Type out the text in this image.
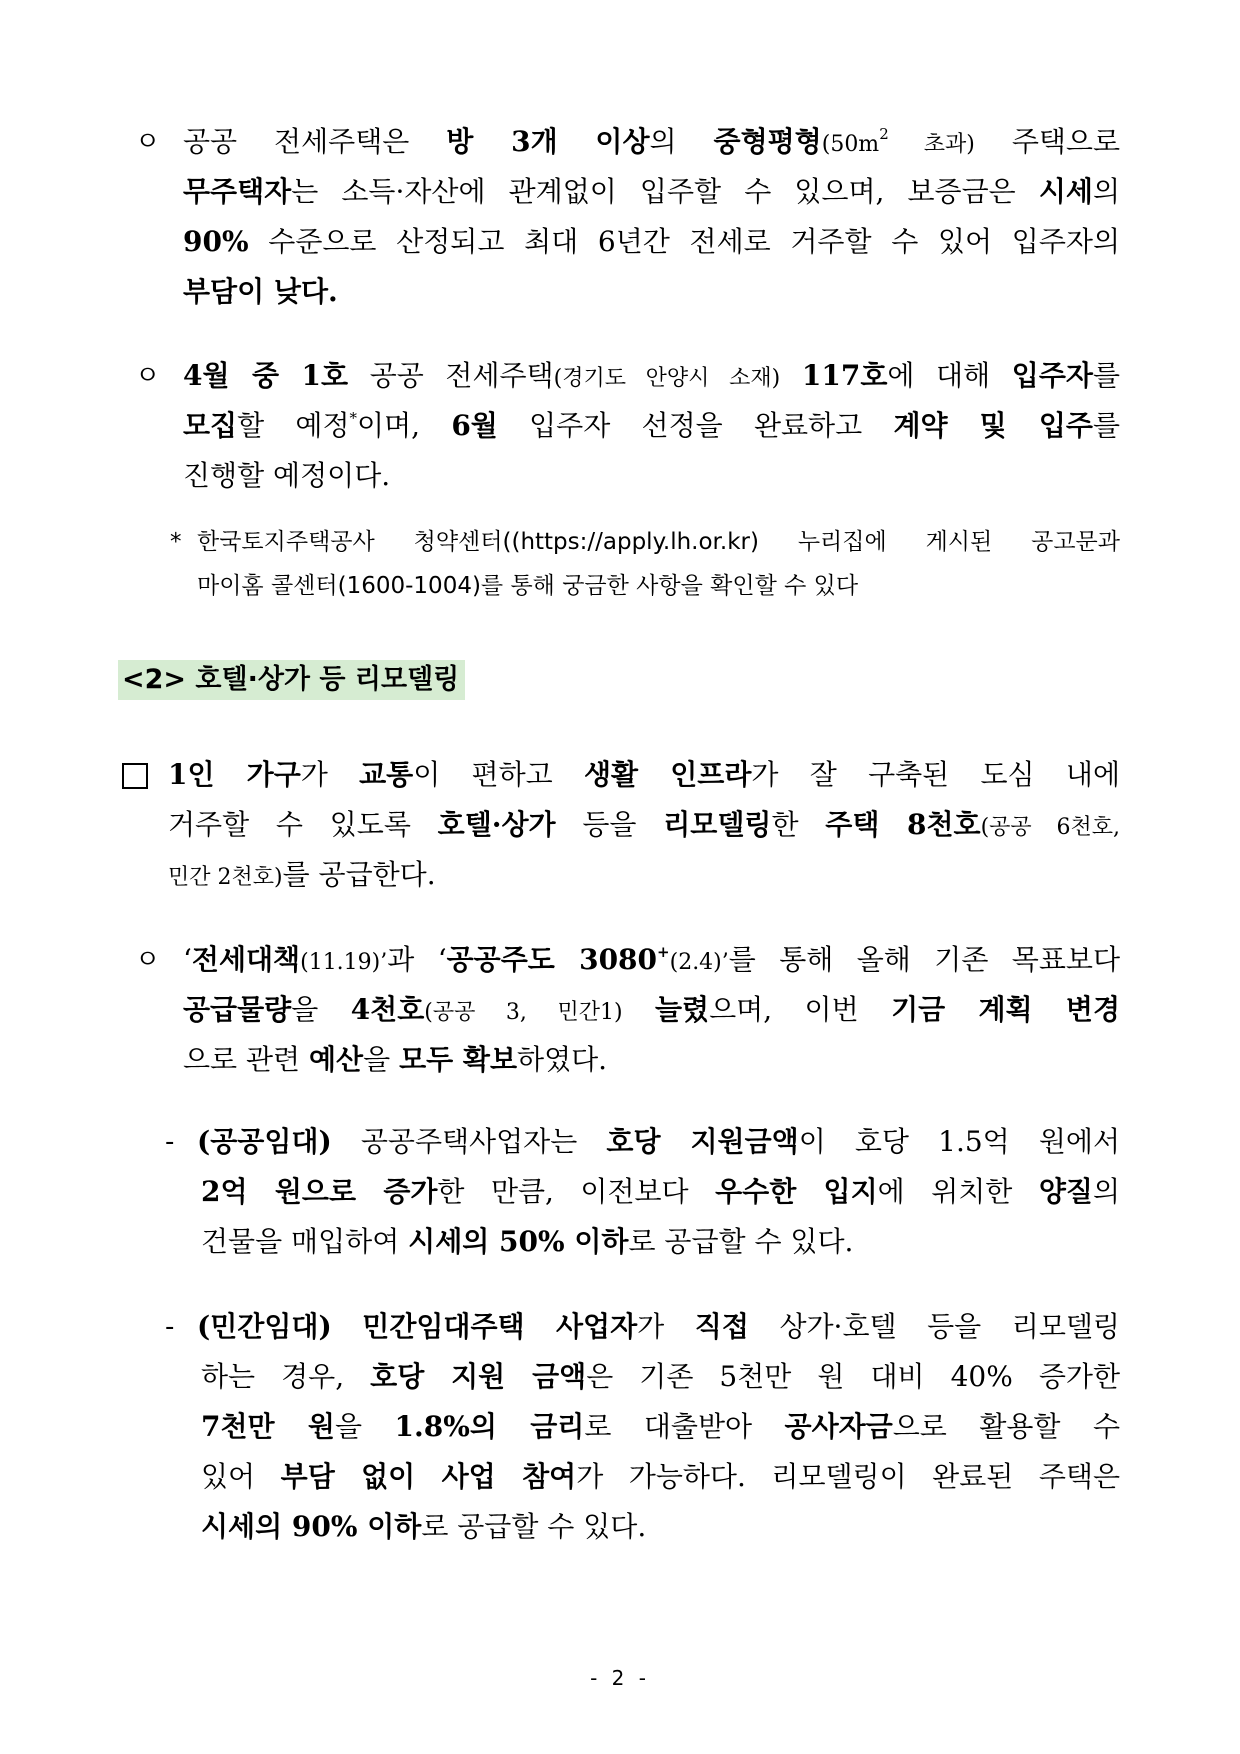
ㅇ 공공 전세주택은 방 3개 이상의 중형평형($50m^2$ 초과) 주택으로
무주택자는 소득·자산에 관계없이 입주할 수 있으며, 보증금은 시세의
90% 수준으로 산정되고 최대 6년간 전세로 거주할 수 있어 입주자의
부담이 낮다.
ㅇ 4월 중 1호 공공 전세주택(경기도 안양시 소재) 117호에 대해 입주자를
모집할 예정*이며, 6월 입주자 선정을 완료하고 계약 및 입주를
진행할 예정이다.
* 한국토지주택공사 청약센터((https://apply.lh.or.kr) 누리집에 게시된 공고문과
마이홈 콜센터(1600-1004)를 통해 궁금한 사항을 확인할 수 있다
<2> 호텔·상가 등 리모델링
1인 가구가 교통이 편하고 생활 인프라가 잘 구축된 도심 내에
거주할 수 있도록 호텔·상가 등을 리모델링한 주택 8천호(공공 6천호,
민간 2천호)를 공급한다.
ㅇ ‘전세대책(11.19)’과 ‘공공주도 3080+(2.4)’를 통해 올해 기존 목표보다
공급물량을 4천호(공공 3, 민간1) 늘렸으며, 이번 기금 계획 변경
으로 관련 예산을 모두 확보하였다.
- (공공임대) 공공주택사업자는 호당 지원금액이 호당 1.5억 원에서
2억 원으로 증가한 만큼, 이전보다 우수한 입지에 위치한 양질의
건물을 매입하여 시세의 50% 이하로 공급할 수 있다.
- (민간임대) 민간임대주택 사업자가 직접 상가·호텔 등을 리모델링
하는 경우, 호당 지원 금액은 기존 5천만 원 대비 40% 증가한
7천만 원을 1.8%의 금리로 대출받아 공사자금으로 활용할 수
있어 부담 없이 사업 참여가 가능하다. 리모델링이 완료된 주택은
시세의 90% 이하로 공급할 수 있다.
- 2 -
